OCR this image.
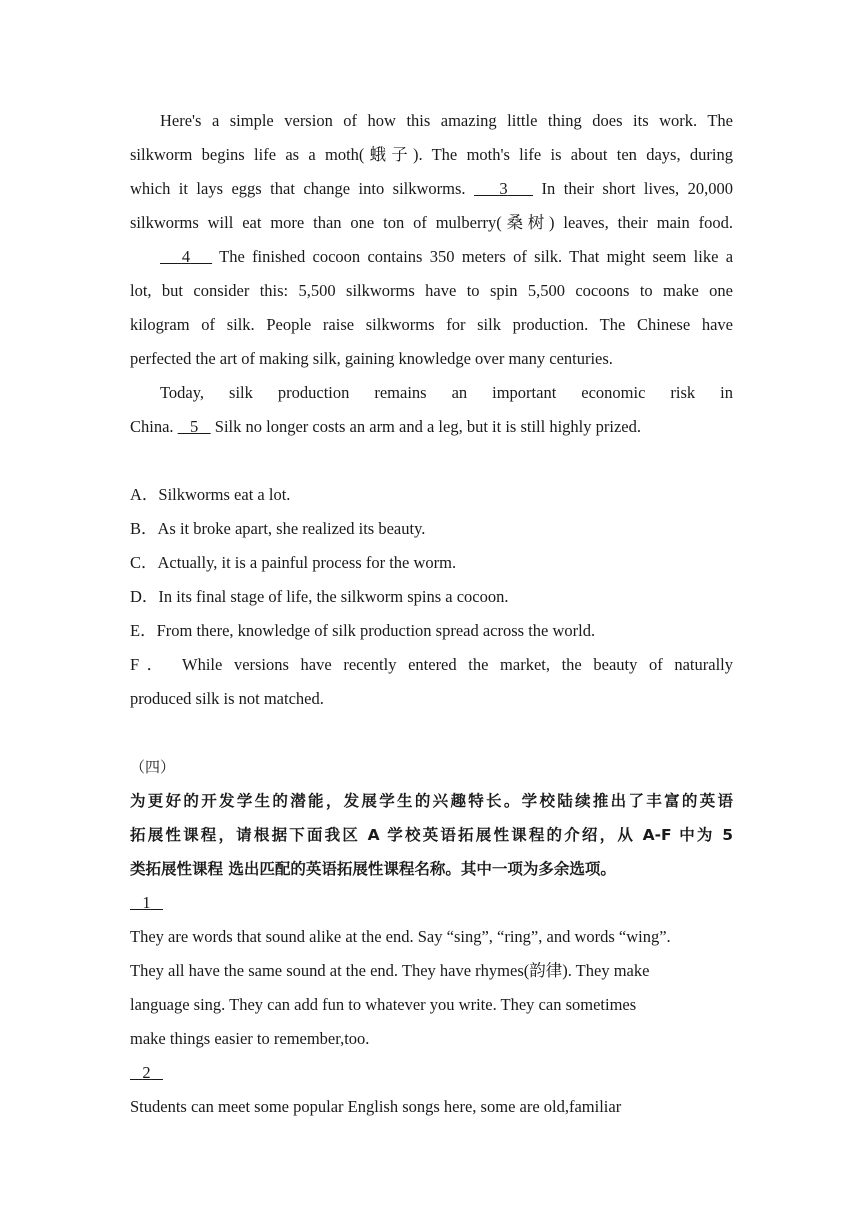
Here's a simple version of how this amazing little thing does its work. The
silkworm begins life as a moth(蛾子). The moth's life is about ten days, during
which it lays eggs that change into silkworms. 3 In their short lives, 20,000
silkworms will eat more than one ton of mulberry(桑树) leaves, their main food.
4 The finished cocoon contains 350 meters of silk. That might seem like a
lot, but consider this: 5,500 silkworms have to spin 5,500 cocoons to make one
kilogram of silk. People raise silkworms for silk production. The Chinese have
perfected the art of making silk, gaining knowledge over many centuries.
Today, silk production remains an important economic risk in
China. 5 Silk no longer costs an arm and a leg, but it is still highly prized.
A．Silkworms eat a lot.
B．As it broke apart, she realized its beauty.
C．Actually, it is a painful process for the worm.
D．In its final stage of life, the silkworm spins a cocoon.
E．From there, knowledge of silk production spread across the world.
F． While versions have recently entered the market, the beauty of naturally
produced silk is not matched.
（四）
为更好的开发学生的潜能，发展学生的兴趣特长。学校陆续推出了丰富的英语
拓展性课程，请根据下面我区 A 学校英语拓展性课程的介绍，从 A-F 中为 5
类拓展性课程 选出匹配的英语拓展性课程名称。其中一项为多余选项。
1
They are words that sound alike at the end. Say “sing”, “ring”, and words “wing”.
They all have the same sound at the end. They have rhymes(韵律). They make
language sing. They can add fun to whatever you write. They can sometimes
make things easier to remember,too.
2
Students can meet some popular English songs here, some are old,familiar
